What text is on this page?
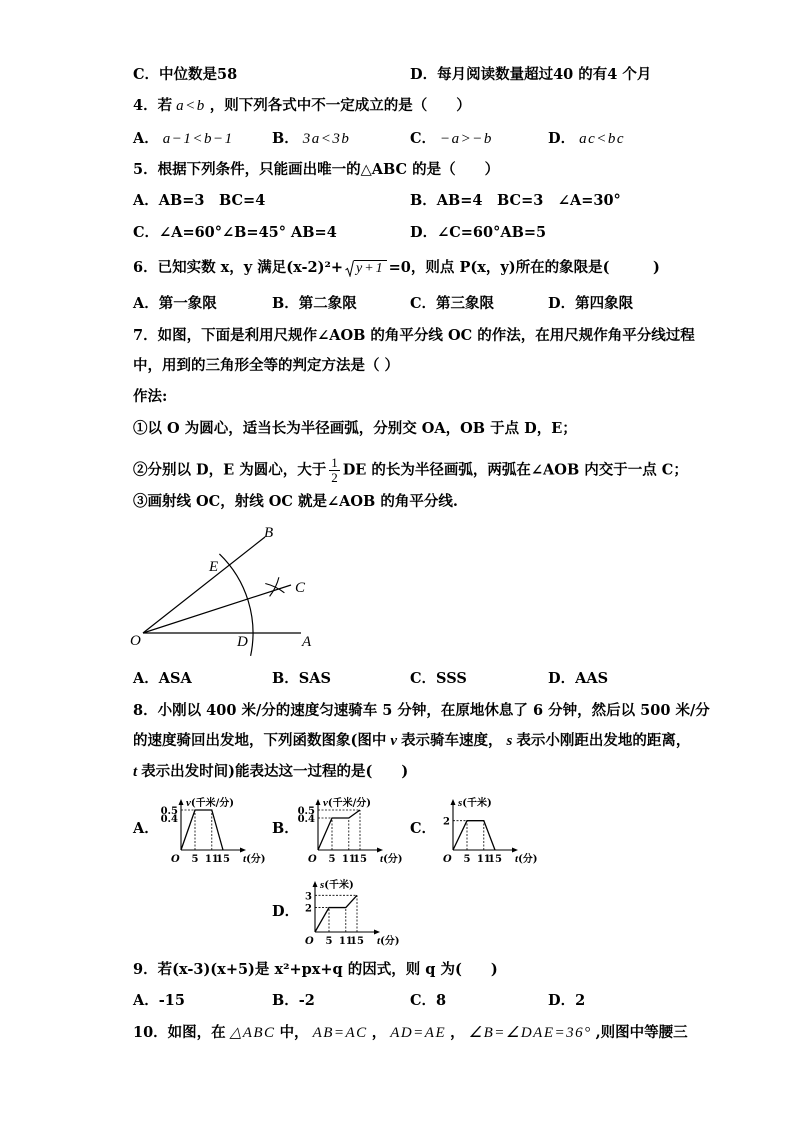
C．中位数是58	D．每月阅读数量超过40 的有4 个月
4．若 a<b ，则下列各式中不一定成立的是（　　）
A． a−1<b−1	B． 3a<3b	C． −a>−b	D． ac<bc
5．根据下列条件，只能画出唯一的△ABC 的是（　　）
A．AB=3　BC=4	B．AB=4　BC=3　∠A=30°
C．∠A=60°∠B=45° AB=4	D．∠C=60°AB=5
6．已知实数 x，y 满足(x-2)²+ y+1 =0，则点 P(x，y)所在的象限是(　　　)
A．第一象限	B．第二象限	C．第三象限	D．第四象限
7．如图，下面是利用尺规作∠AOB 的角平分线 OC 的作法，在用尺规作角平分线过程
中，用到的三角形全等的判定方法是（ ）
作法:
①以 O 为圆心，适当长为半径画弧，分别交 OA，OB 于点 D，E；
②分别以 D，E 为圆心，大于 $\frac{1}{2}$ DE 的长为半径画弧，两弧在∠AOB 内交于一点 C；
③画射线 OC，射线 OC 就是∠AOB 的角平分线.
O	A
B
C
D
E
A．ASA	B．SAS	C．SSS	D．AAS
8．小刚以 400 米/分的速度匀速骑车 5 分钟，在原地休息了 6 分钟，然后以 500 米/分
的速度骑回出发地，下列函数图象(图中 v 表示骑车速度， s 表示小刚距出发地的距离，
t 表示出发时间)能表达这一过程的是(　　)
A．
v(千米/分)
O 5 11
15 t(分)
0.5
0.4
B．
v(千米/分)
O 5 11
15 t(分)
0.5
0.4
C．
s(千米)
O 5 11
15 t(分)
2
D．
s(千米)
O 5 11
15 t(分)
3
2
9．若(x-3)(x+5)是 x²+px+q 的因式，则 q 为(　　)
A．-15	B．-2	C．8	D．2
10．如图，在 △ABC 中， AB=AC ， AD=AE ， ∠B=∠DAE=36° ,则图中等腰三
